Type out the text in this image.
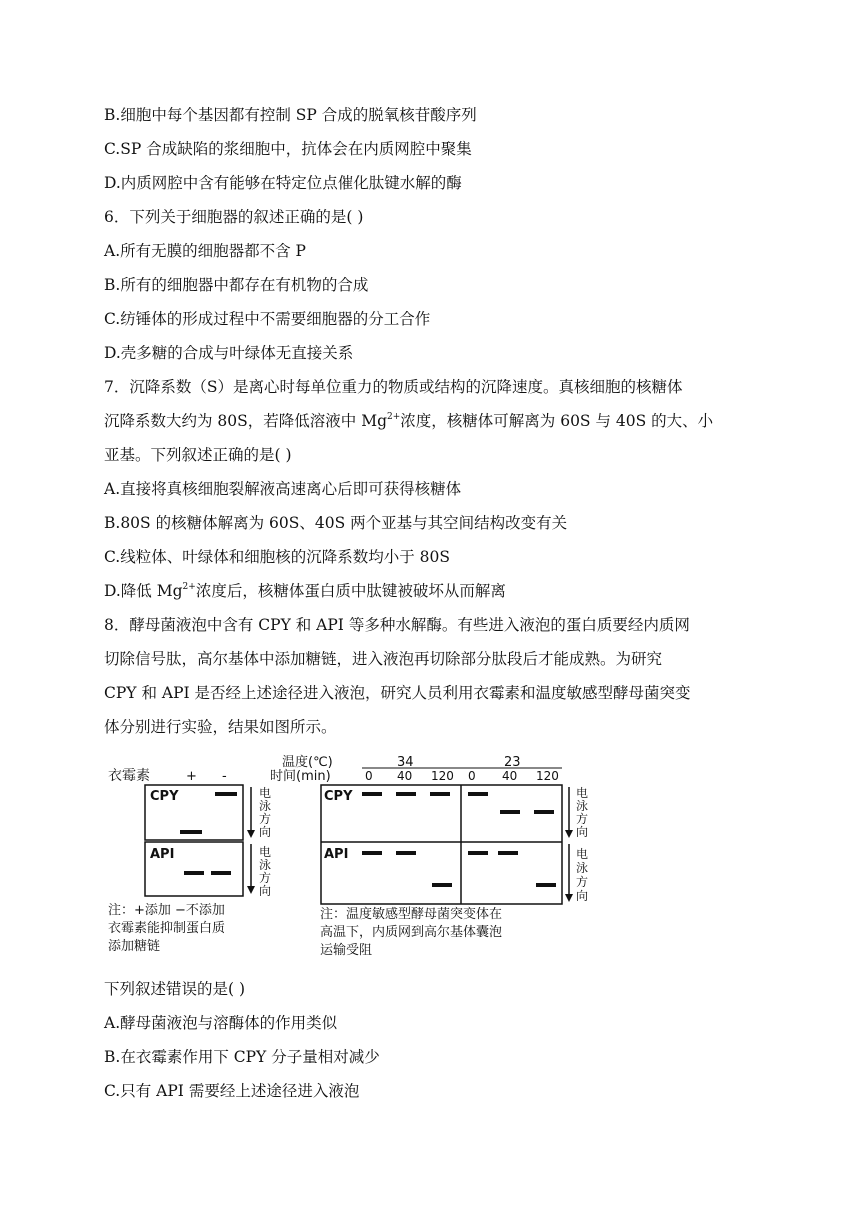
B.细胞中每个基因都有控制 SP 合成的脱氧核苷酸序列
C.SP 合成缺陷的浆细胞中，抗体会在内质网腔中聚集
D.内质网腔中含有能够在特定位点催化肽键水解的酶
6．下列关于细胞器的叙述正确的是( )
A.所有无膜的细胞器都不含 P
B.所有的细胞器中都存在有机物的合成
C.纺锤体的形成过程中不需要细胞器的分工合作
D.壳多糖的合成与叶绿体无直接关系
7．沉降系数（S）是离心时每单位重力的物质或结构的沉降速度。真核细胞的核糖体
沉降系数大约为 80S，若降低溶液中 $Mg^{2+}$浓度，核糖体可解离为 60S 与 40S 的大、小
亚基。下列叙述正确的是( )
A.直接将真核细胞裂解液高速离心后即可获得核糖体
B.80S 的核糖体解离为 60S、40S 两个亚基与其空间结构改变有关
C.线粒体、叶绿体和细胞核的沉降系数均小于 80S
D.降低 $Mg^{2+}$浓度后，核糖体蛋白质中肽键被破坏从而解离
8．酵母菌液泡中含有 CPY 和 API 等多种水解酶。有些进入液泡的蛋白质要经内质网
切除信号肽，高尔基体中添加糖链，进入液泡再切除部分肽段后才能成熟。为研究
CPY 和 API 是否经上述途径进入液泡，研究人员利用衣霉素和温度敏感型酵母菌突变
体分别进行实验，结果如图所示。
衣霉素	+ -
CPY
API
电泳方向
电泳方向
注：+添加 −不添加
衣霉素能抑制蛋白质
添加糖链
温度(℃)	34	23
时间(min)	0 40 120 0 40 120
CPY
API
电泳方向
电泳方向
注：温度敏感型酵母菌突变体在
高温下，内质网到高尔基体囊泡
运输受阻
下列叙述错误的是( )
A.酵母菌液泡与溶酶体的作用类似
B.在衣霉素作用下 CPY 分子量相对减少
C.只有 API 需要经上述途径进入液泡
